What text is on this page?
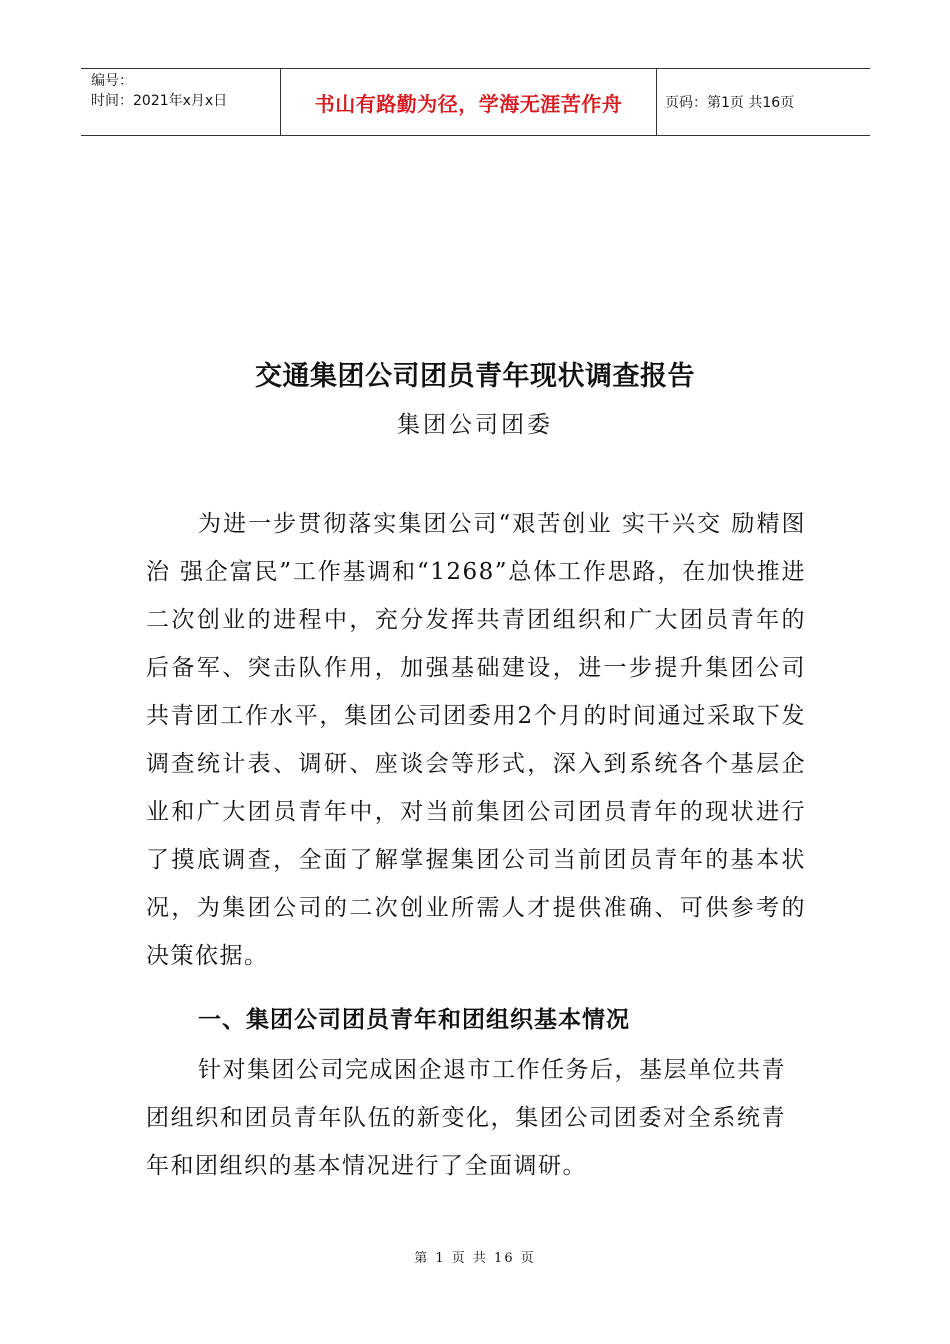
编号：
时间：2021年x月x日	书山有路勤为径，学海无涯苦作舟	页码：第1页 共16页
交通集团公司团员青年现状调查报告
集团公司团委

为进一步贯彻落实集团公司“艰苦创业 实干兴交 励精图治 强企富民”工作基调和“1268”总体工作思路，在加快推进二次创业的进程中，充分发挥共青团组织和广大团员青年的后备军、突击队作用，加强基础建设，进一步提升集团公司共青团工作水平，集团公司团委用2个月的时间通过采取下发调查统计表、调研、座谈会等形式，深入到系统各个基层企业和广大团员青年中，对当前集团公司团员青年的现状进行了摸底调查，全面了解掌握集团公司当前团员青年的基本状况，为集团公司的二次创业所需人才提供准确、可供参考的决策依据。

一、集团公司团员青年和团组织基本情况

针对集团公司完成困企退市工作任务后，基层单位共青团组织和团员青年队伍的新变化，集团公司团委对全系统青年和团组织的基本情况进行了全面调研。

第 1 页 共 16 页
